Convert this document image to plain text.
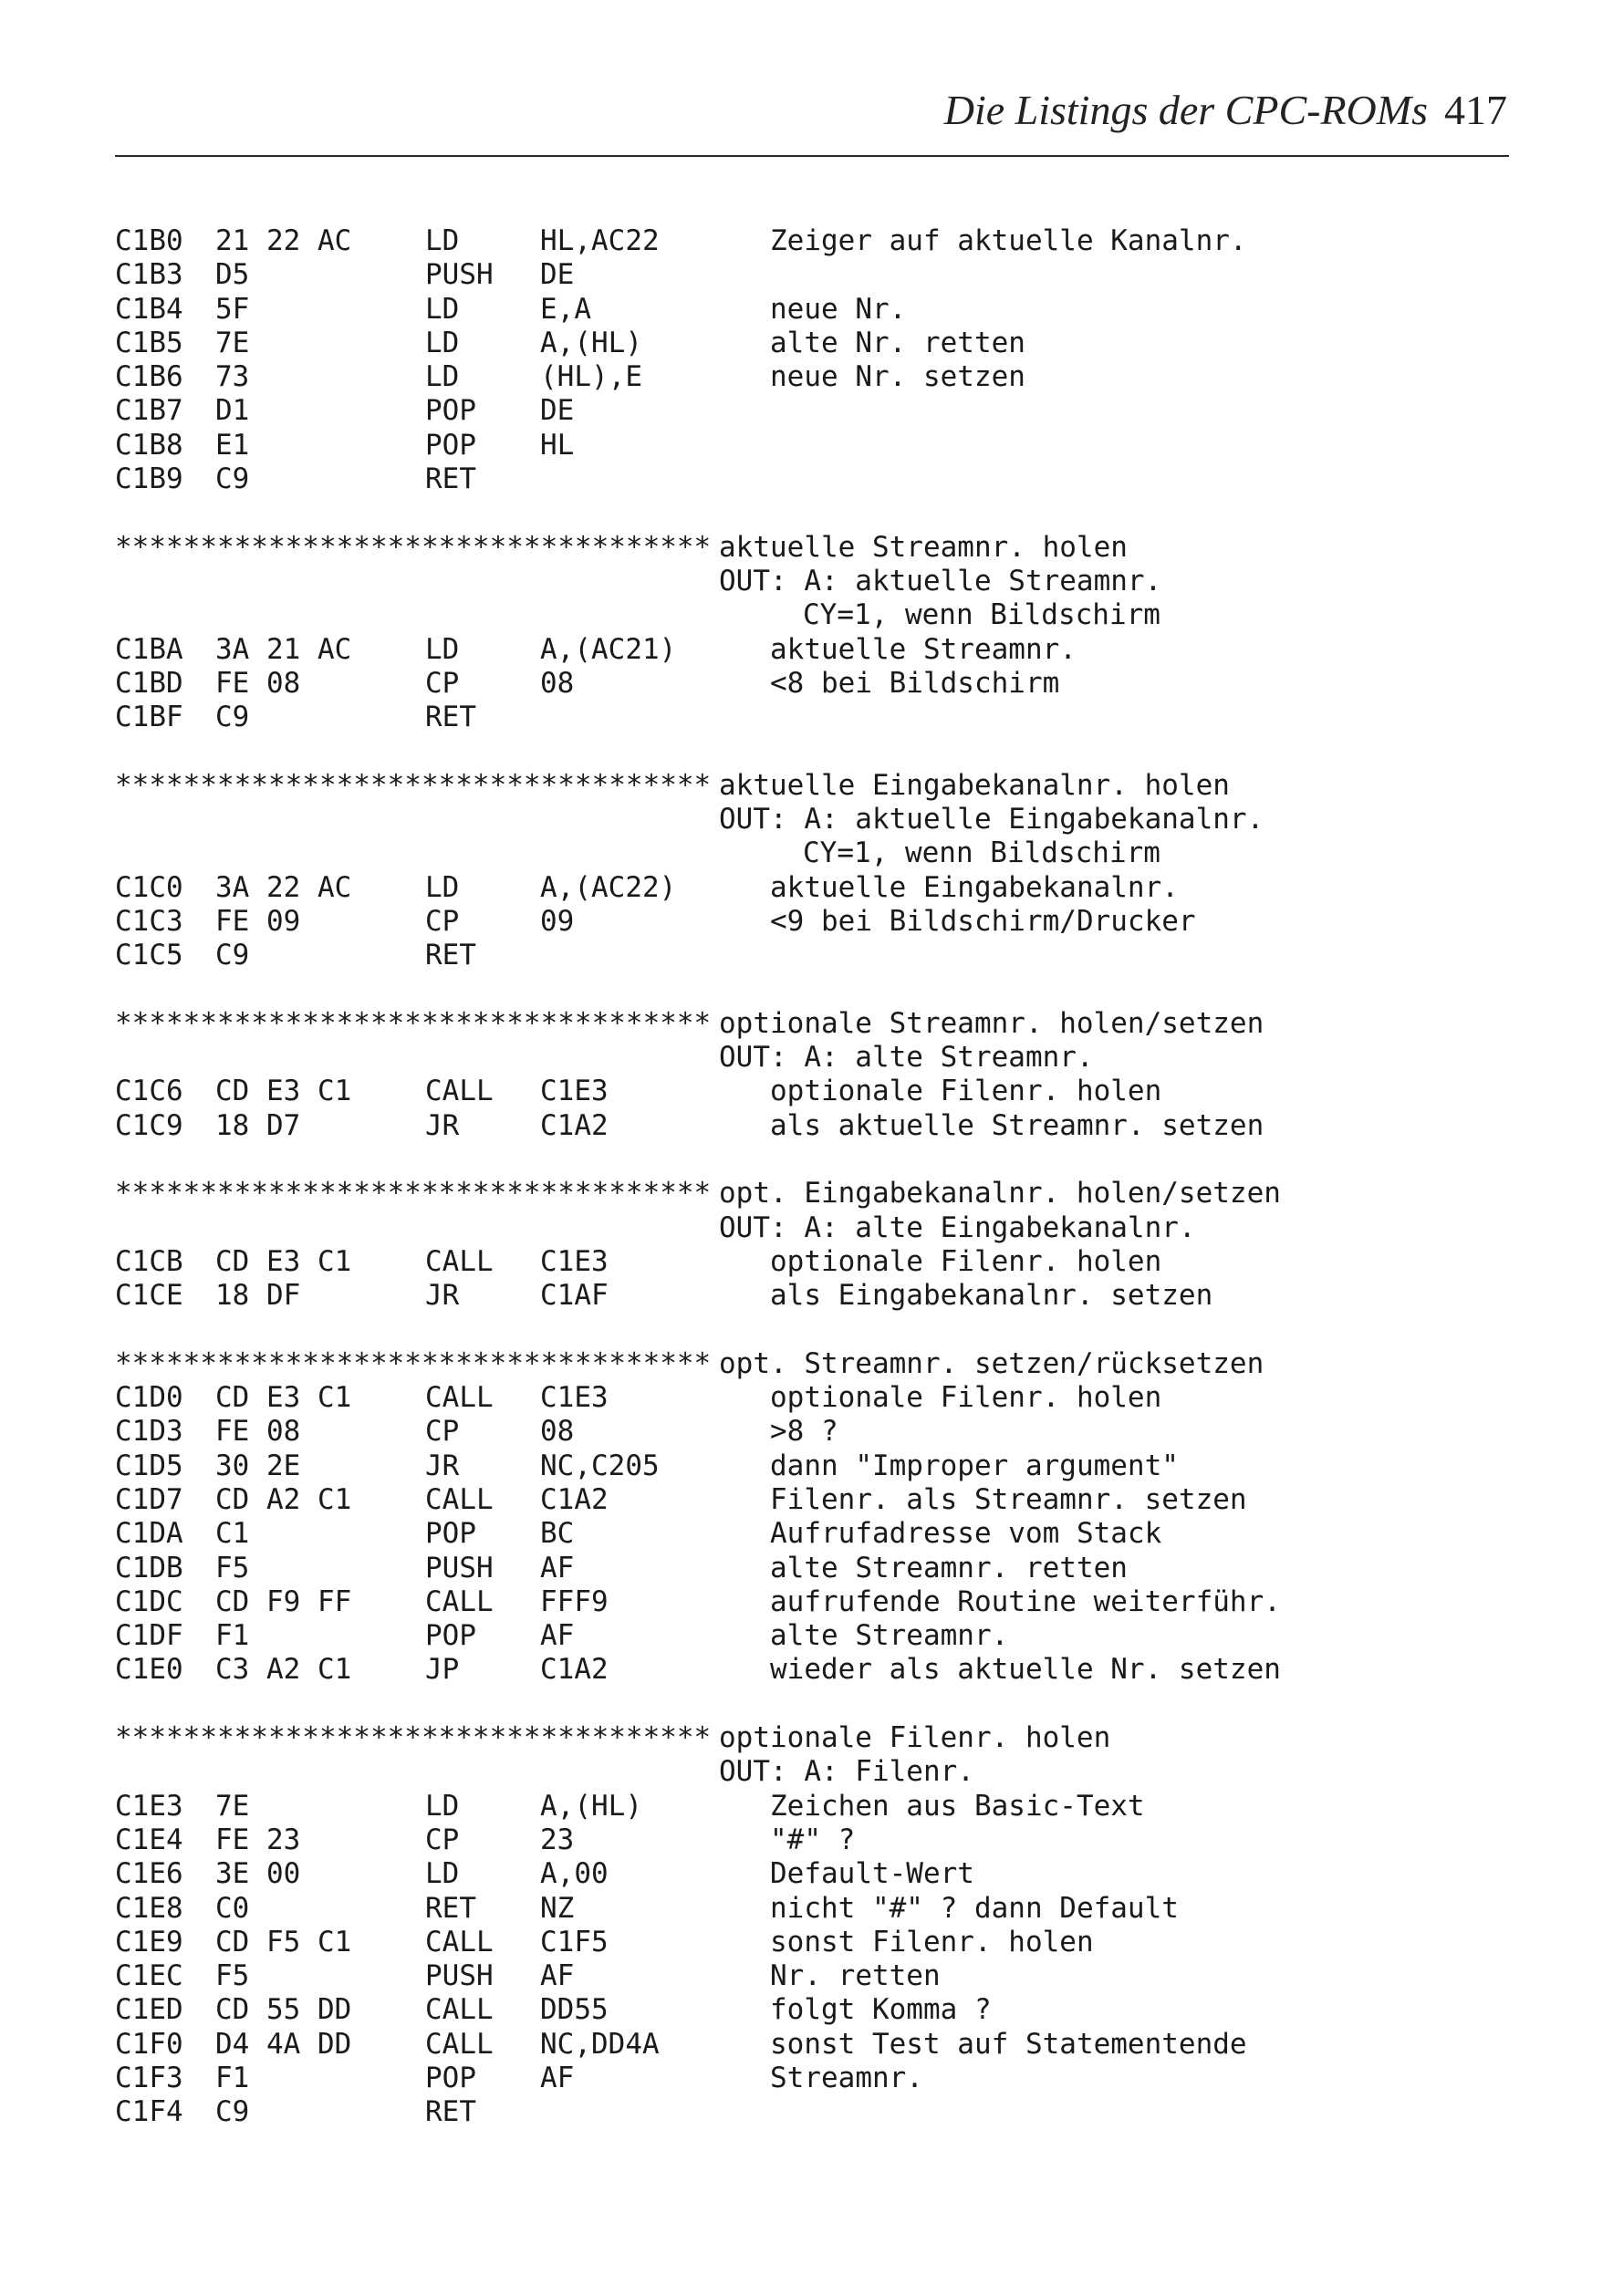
Die Listings der CPC-ROMs 417
C1B0 21 22 AC	LD	HL,AC22	Zeiger auf aktuelle Kanalnr.
C1B3 D5	PUSH DE
C1B4 5F	LD	E,A	neue Nr.
C1B5 7E	LD	A,(HL)	alte Nr. retten
C1B6 73	LD	(HL),E	neue Nr. setzen
C1B7 D1	POP DE
C1B8 E1	POP HL
C1B9 C9	RET
*********************************** aktuelle Streamnr. holen
OUT: A: aktuelle Streamnr.
CY=1, wenn Bildschirm
C1BA 3A 21 AC	LD	A,(AC21)	aktuelle Streamnr.
C1BD FE 08	CP	08	<8 bei Bildschirm
C1BF C9	RET
*********************************** aktuelle Eingabekanalnr. holen
OUT: A: aktuelle Eingabekanalnr.
CY=1, wenn Bildschirm
C1C0 3A 22 AC	LD	A,(AC22)	aktuelle Eingabekanalnr.
C1C3 FE 09	CP	09	<9 bei Bildschirm/Drucker
C1C5 C9	RET
*********************************** optionale Streamnr. holen/setzen
OUT: A: alte Streamnr.
C1C6 CD E3 C1	CALL C1E3	optionale Filenr. holen
C1C9 18 D7	JR	C1A2	als aktuelle Streamnr. setzen
*********************************** opt. Eingabekanalnr. holen/setzen
OUT: A: alte Eingabekanalnr.
C1CB CD E3 C1	CALL C1E3	optionale Filenr. holen
C1CE 18 DF	JR	C1AF	als Eingabekanalnr. setzen
*********************************** opt. Streamnr. setzen/rücksetzen
C1D0 CD E3 C1	CALL C1E3	optionale Filenr. holen
C1D3 FE 08	CP	08	>8 ?
C1D5 30 2E	JR	NC,C205	dann "Improper argument"
C1D7 CD A2 C1	CALL C1A2	Filenr. als Streamnr. setzen
C1DA C1	POP BC	Aufrufadresse vom Stack
C1DB F5	PUSH AF	alte Streamnr. retten
C1DC CD F9 FF	CALL FFF9	aufrufende Routine weiterführ.
C1DF F1	POP AF	alte Streamnr.
C1E0 C3 A2 C1	JP	C1A2	wieder als aktuelle Nr. setzen
*********************************** optionale Filenr. holen
OUT: A: Filenr.
C1E3 7E	LD	A,(HL)	Zeichen aus Basic-Text
C1E4 FE 23	CP	23	"#" ?
C1E6 3E 00	LD	A,00	Default-Wert
C1E8 C0	RET NZ	nicht "#" ? dann Default
C1E9 CD F5 C1	CALL C1F5	sonst Filenr. holen
C1EC F5	PUSH AF	Nr. retten
C1ED CD 55 DD	CALL DD55	folgt Komma ?
C1F0 D4 4A DD	CALL NC,DD4A	sonst Test auf Statementende
C1F3 F1	POP AF	Streamnr.
C1F4 C9	RET
